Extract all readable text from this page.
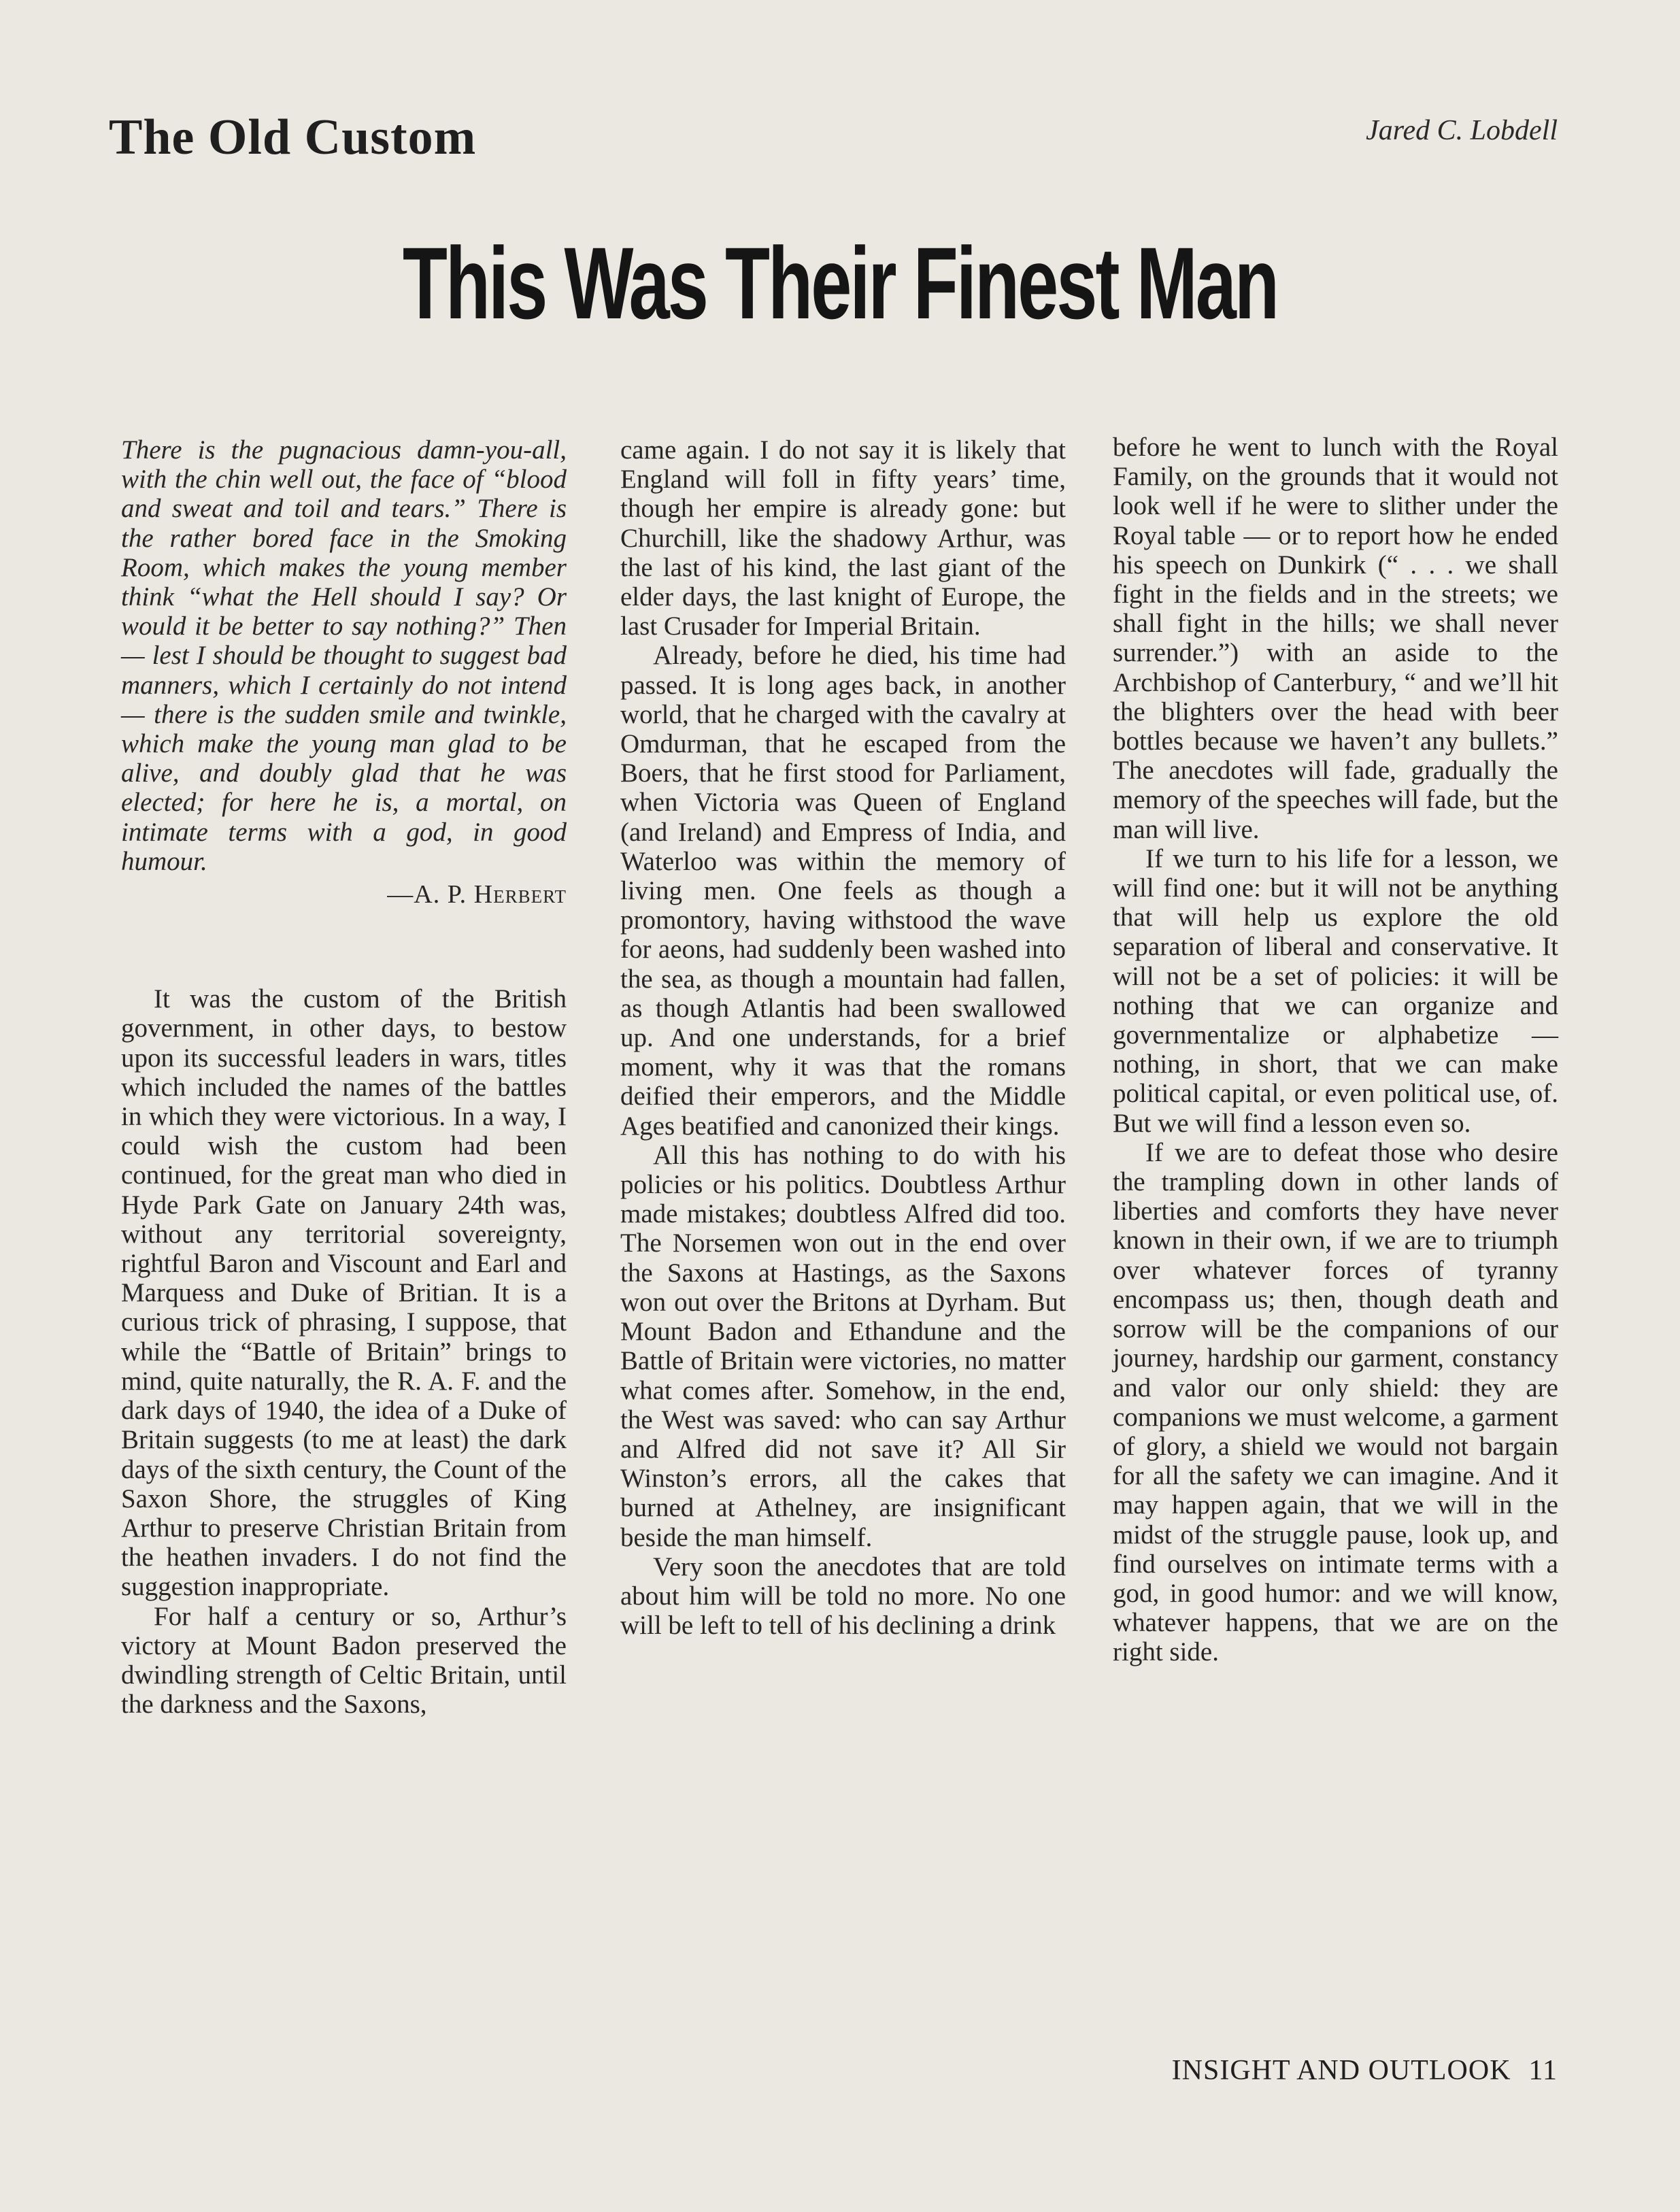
The Old Custom	Jared C. Lobdell
This Was Their Finest Man

There is the pugnacious damn-you-all, with the chin well out, the face of “blood and sweat and toil and tears.” There is the rather bored face in the Smoking Room, which makes the young member think “what the Hell should I say? Or would it be better to say nothing?” Then — lest I should be thought to suggest bad manners, which I certainly do not intend — there is the sudden smile and twinkle, which make the young man glad to be alive, and doubly glad that he was elected; for here he is, a mortal, on intimate terms with a god, in good humour.

—A. P. Herbert

It was the custom of the British government, in other days, to bestow upon its successful leaders in wars, titles which included the names of the battles in which they were victorious. In a way, I could wish the custom had been continued, for the great man who died in Hyde Park Gate on January 24th was, without any territorial sovereignty, rightful Baron and Viscount and Earl and Marquess and Duke of Britian. It is a curious trick of phrasing, I suppose, that while the “Battle of Britain” brings to mind, quite naturally, the R. A. F. and the dark days of 1940, the idea of a Duke of Britain suggests (to me at least) the dark days of the sixth century, the Count of the Saxon Shore, the struggles of King Arthur to preserve Christian Britain from the heathen invaders. I do not find the suggestion inappropriate.

For half a century or so, Arthur’s victory at Mount Badon preserved the dwindling strength of Celtic Britain, until the darkness and the Saxons,

came again. I do not say it is likely that England will foll in fifty years’ time, though her empire is already gone: but Churchill, like the shadowy Arthur, was the last of his kind, the last giant of the elder days, the last knight of Europe, the last Crusader for Imperial Britain.

Already, before he died, his time had passed. It is long ages back, in another world, that he charged with the cavalry at Omdurman, that he escaped from the Boers, that he first stood for Parliament, when Victoria was Queen of England (and Ireland) and Empress of India, and Waterloo was within the memory of living men. One feels as though a promontory, having withstood the wave for aeons, had suddenly been washed into the sea, as though a mountain had fallen, as though Atlantis had been swallowed up. And one understands, for a brief moment, why it was that the romans deified their emperors, and the Middle Ages beatified and canonized their kings.

All this has nothing to do with his policies or his politics. Doubtless Arthur made mistakes; doubtless Alfred did too. The Norsemen won out in the end over the Saxons at Hastings, as the Saxons won out over the Britons at Dyrham. But Mount Badon and Ethandune and the Battle of Britain were victories, no matter what comes after. Somehow, in the end, the West was saved: who can say Arthur and Alfred did not save it? All Sir Winston’s errors, all the cakes that burned at Athelney, are insignificant beside the man himself.

Very soon the anecdotes that are told about him will be told no more. No one will be left to tell of his declining a drink

before he went to lunch with the Royal Family, on the grounds that it would not look well if he were to slither under the Royal table — or to report how he ended his speech on Dunkirk (“ . . . we shall fight in the fields and in the streets; we shall fight in the hills; we shall never surrender.”) with an aside to the Archbishop of Canterbury, “ and we’ll hit the blighters over the head with beer bottles because we haven’t any bullets.” The anecdotes will fade, gradually the memory of the speeches will fade, but the man will live.

If we turn to his life for a lesson, we will find one: but it will not be anything that will help us explore the old separation of liberal and conservative. It will not be a set of policies: it will be nothing that we can organize and governmentalize or alphabetize — nothing, in short, that we can make political capital, or even political use, of. But we will find a lesson even so.

If we are to defeat those who desire the trampling down in other lands of liberties and comforts they have never known in their own, if we are to triumph over whatever forces of tyranny encompass us; then, though death and sorrow will be the companions of our journey, hardship our garment, constancy and valor our only shield: they are companions we must welcome, a garment of glory, a shield we would not bargain for all the safety we can imagine. And it may happen again, that we will in the midst of the struggle pause, look up, and find ourselves on intimate terms with a god, in good humor: and we will know, whatever happens, that we are on the right side.

INSIGHT AND OUTLOOK 11
